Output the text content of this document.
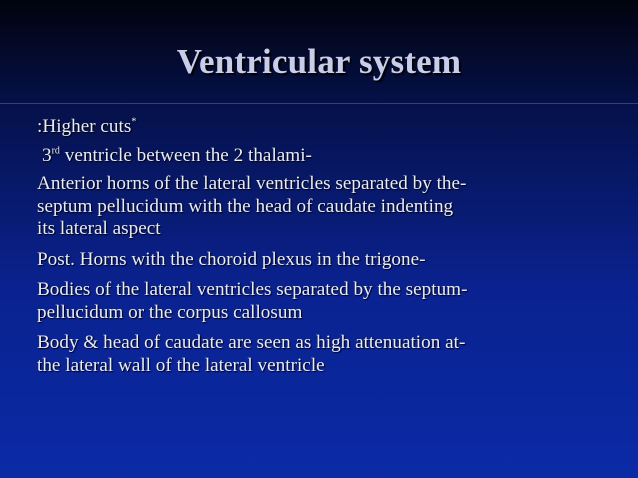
Ventricular system
:Higher cuts*
3rd ventricle between the 2 thalami-
Anterior horns of the lateral ventricles separated by the-
septum pellucidum with the head of caudate indenting
its lateral aspect
Post. Horns with the choroid plexus in the trigone-
Bodies of the lateral ventricles separated by the septum-
pellucidum or the corpus callosum
Body & head of caudate are seen as high attenuation at-
the lateral wall of the lateral ventricle
